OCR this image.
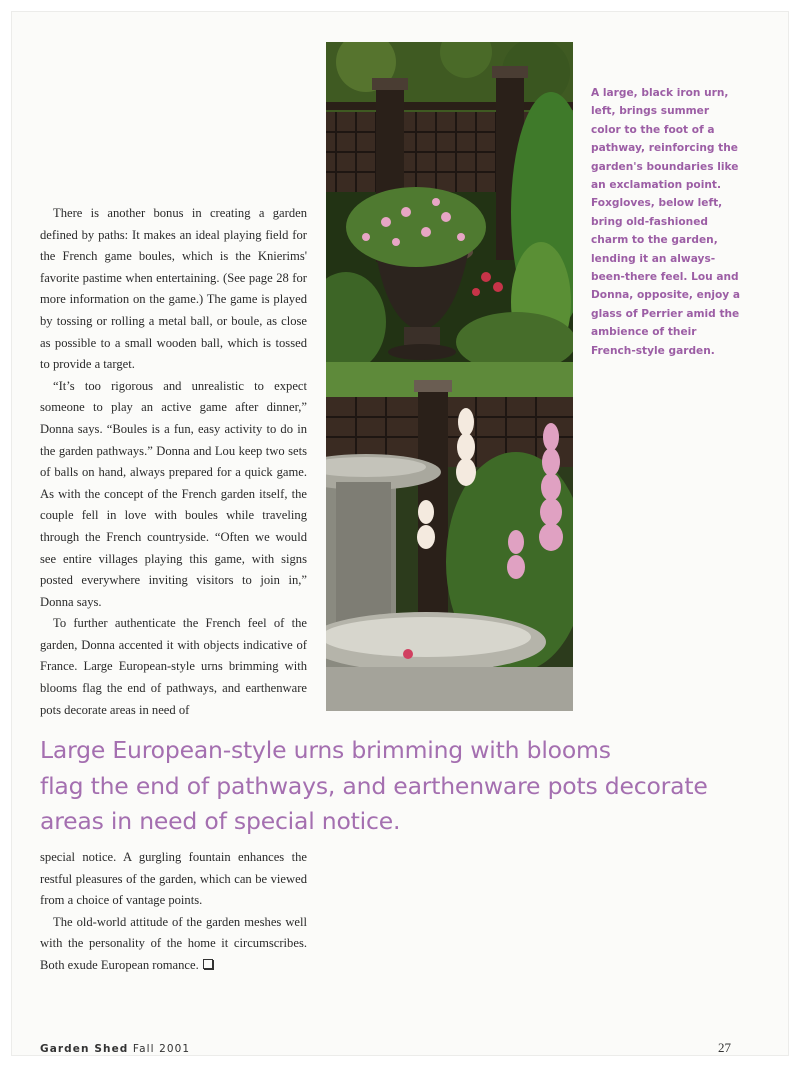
There is another bonus in creating a garden defined by paths: It makes an ideal playing field for the French game boules, which is the Knierims' favorite pastime when entertaining. (See page 28 for more information on the game.) The game is played by tossing or rolling a metal ball, or boule, as close as possible to a small wooden ball, which is tossed to provide a target.

“It’s too rigorous and unrealistic to expect someone to play an active game after dinner,” Donna says. “Boules is a fun, easy activity to do in the garden pathways.” Donna and Lou keep two sets of balls on hand, always prepared for a quick game. As with the concept of the French garden itself, the couple fell in love with boules while traveling through the French countryside. “Often we would see entire villages playing this game, with signs posted everywhere inviting visitors to join in,” Donna says.

To further authenticate the French feel of the garden, Donna accented it with objects indicative of France. Large European-style urns brimming with blooms flag the end of pathways, and earthenware pots decorate areas in need of

A large, black iron urn, left, brings summer color to the foot of a pathway, reinforcing the garden's boundaries like an exclamation point. Foxgloves, below left, bring old-fashioned charm to the garden, lending it an always-been-there feel. Lou and Donna, opposite, enjoy a glass of Perrier amid the ambience of their French-style garden.
Large European-style urns brimming with blooms
flag the end of pathways, and earthenware pots decorate
areas in need of special notice.

special notice. A gurgling fountain enhances the restful pleasures of the garden, which can be viewed from a choice of vantage points.

The old-world attitude of the garden meshes well with the personality of the home it circumscribes. Both exude European romance.

Garden Shed Fall 2001	27
